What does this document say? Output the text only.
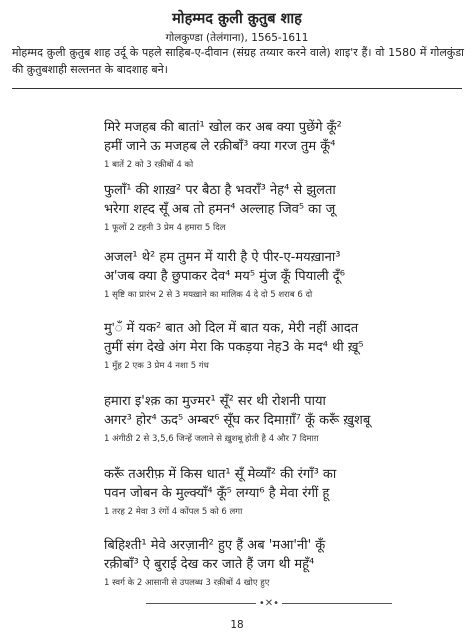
मोहम्मद क़ुली क़ुतुब शाह
गोलकुण्डा (तेलंगाना), 1565-1611
मोहम्मद क़ुली क़ुतुब शाह उर्दू के पहले साहिब-ए-दीवान (संग्रह तय्यार करने वाले) शाइ'र हैं। वो 1580 में गोलकुंडा की क़ुतुबशाही सल्तनत के बादशाह बने।
मिरे मजहब की बातां¹ खोल कर अब क्या पुछेंगे कूँ²
हमीं जाने ऊ मजहब ले रक़ीबाँ³ क्या गरज तुम कूँ⁴
1 बातें 2 को 3 रक़ीबों 4 को
फुलाँ¹ की शाख़² पर बैठा है भवराँ³ नेह⁴ से झुलता
भरेगा शह्द सूँ अब तो हमन⁴ अल्लाह जिव⁵ का जू
1 फूलों 2 टहनी 3 प्रेम 4 हमारा 5 दिल
अजल¹ थे² हम तुमन में यारी है ऐ पीर-ए-मयख़ाना³
अ'जब क्या है छुपाकर देव⁴ मय⁵ मुंज कूँ पियाली दूँ⁶
1 सृष्टि का प्रारंभ 2 से 3 मयख़ाने का मालिक 4 दे दो 5 शराब 6 दो
मु'ँ में यक² बात ओ दिल में बात यक, मेरी नहीं आदत
तुमीं संग देखे अंग मेरा कि पकड़या नेह3 के मद⁴ थी ख़ू⁵
1 मुँह 2 एक 3 प्रेम 4 नशा 5 गंध
हमारा इ'श्क़ का मुज्मर¹ सूँ² सर थी रोशनी पाया
अगर³ होर⁴ ऊद⁵ अम्बर⁶ सूँघ कर दिमाग़ाँ⁷ कूँ करूँ ख़ुशबू
1 अंगीठी 2 से 3,5,6 जिन्हें जलाने से ख़ुशबू होती है 4 और 7 दिमाग़
करूँ तअरीफ़ में किस धात¹ सूँ मेव्याँ² की रंगाँ³ का
पवन जोबन के मुल्क्याँ⁴ कूँ⁵ लग्या⁶ है मेवा रंगीं हू
1 तरह 2 मेवा 3 रंगों 4 कोंपल 5 को 6 लगा
बिहिश्ती¹ मेवे अरज़ानी² हुए हैं अब 'मआ'नी' कूँ
रक़ीबाँ³ ऐ बुराई देख कर जाते हैं जग थी महूँ⁴
1 स्वर्ग के 2 आसानी से उपलब्ध 3 रक़ीबों 4 खोए हुए
•✕•
18
